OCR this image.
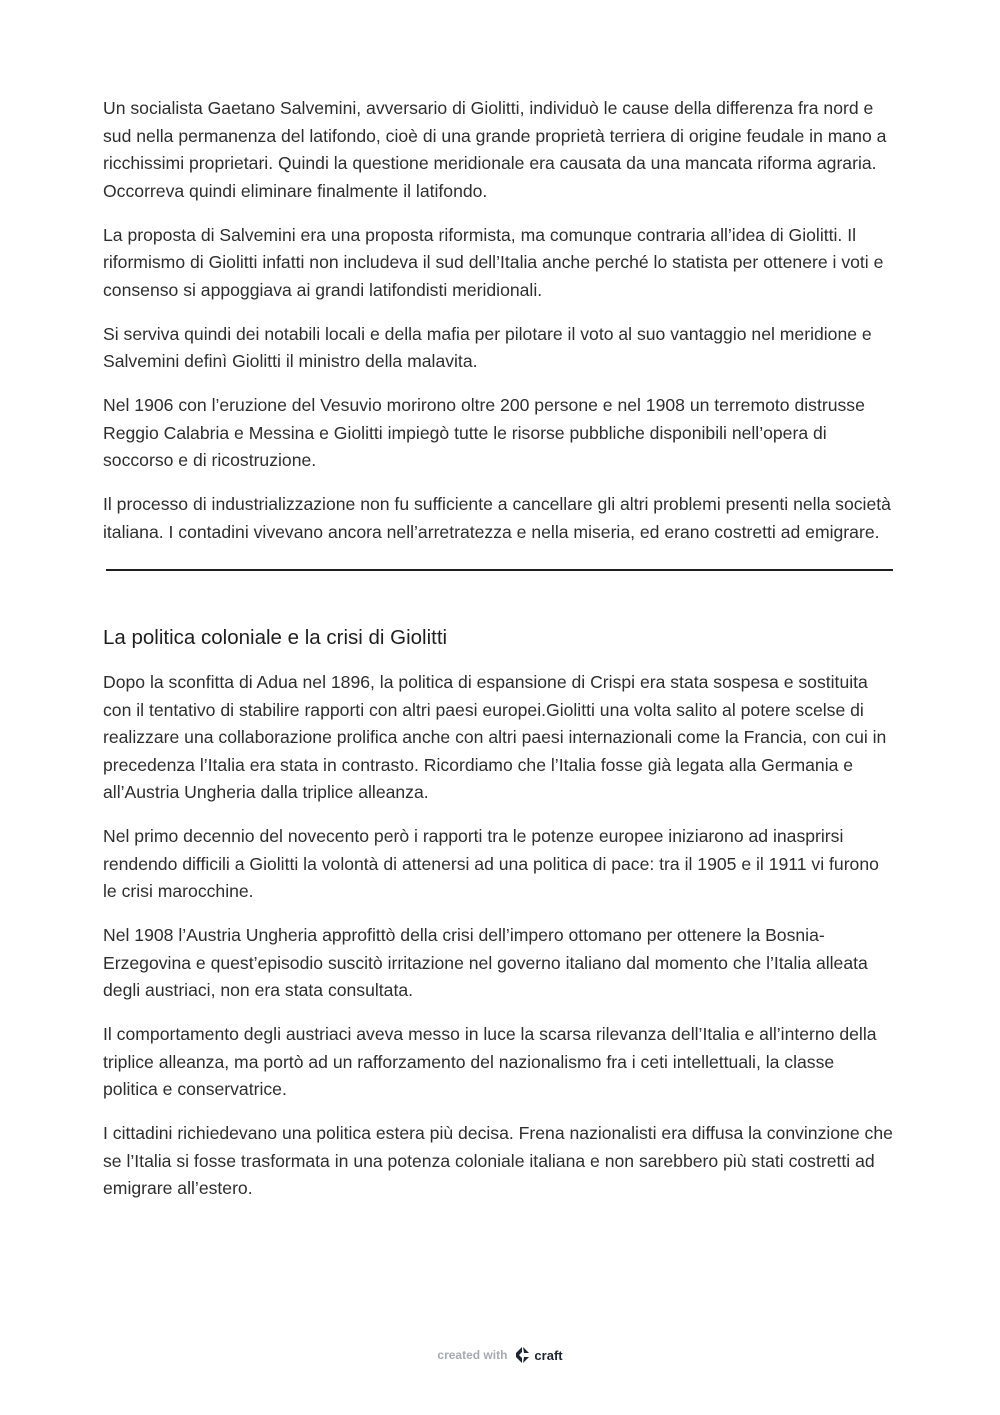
Un socialista Gaetano Salvemini, avversario di Giolitti, individuò le cause della differenza fra nord e sud nella permanenza del latifondo, cioè di una grande proprietà terriera di origine feudale in mano a ricchissimi proprietari. Quindi la questione meridionale era causata da una mancata riforma agraria. Occorreva quindi eliminare finalmente il latifondo.

La proposta di Salvemini era una proposta riformista, ma comunque contraria all’idea di Giolitti. Il riformismo di Giolitti infatti non includeva il sud dell’Italia anche perché lo statista per ottenere i voti e consenso si appoggiava ai grandi latifondisti meridionali.

Si serviva quindi dei notabili locali e della mafia per pilotare il voto al suo vantaggio nel meridione e Salvemini definì Giolitti il ministro della malavita.

Nel 1906 con l’eruzione del Vesuvio morirono oltre 200 persone e nel 1908 un terremoto distrusse Reggio Calabria e Messina e Giolitti impiegò tutte le risorse pubbliche disponibili nell’opera di soccorso e di ricostruzione.

Il processo di industrializzazione non fu sufficiente a cancellare gli altri problemi presenti nella società italiana. I contadini vivevano ancora nell’arretratezza e nella miseria, ed erano costretti ad emigrare.

La politica coloniale e la crisi di Giolitti

Dopo la sconfitta di Adua nel 1896, la politica di espansione di Crispi era stata sospesa e sostituita con il tentativo di stabilire rapporti con altri paesi europei.Giolitti una volta salito al potere scelse di realizzare una collaborazione prolifica anche con altri paesi internazionali come la Francia, con cui in precedenza l’Italia era stata in contrasto. Ricordiamo che l’Italia fosse già legata alla Germania e all’Austria Ungheria dalla triplice alleanza.

Nel primo decennio del novecento però i rapporti tra le potenze europee iniziarono ad inasprirsi rendendo difficili a Giolitti la volontà di attenersi ad una politica di pace: tra il 1905 e il 1911 vi furono le crisi marocchine.

Nel 1908 l’Austria Ungheria approfittò della crisi dell’impero ottomano per ottenere la Bosnia-Erzegovina e quest’episodio suscitò irritazione nel governo italiano dal momento che l’Italia alleata degli austriaci, non era stata consultata.

Il comportamento degli austriaci aveva messo in luce la scarsa rilevanza dell’Italia e all’interno della triplice alleanza, ma portò ad un rafforzamento del nazionalismo fra i ceti intellettuali, la classe politica e conservatrice.

I cittadini richiedevano una politica estera più decisa. Frena nazionalisti era diffusa la convinzione che se l’Italia si fosse trasformata in una potenza coloniale italiana e non sarebbero più stati costretti ad emigrare all’estero.

created with craft
